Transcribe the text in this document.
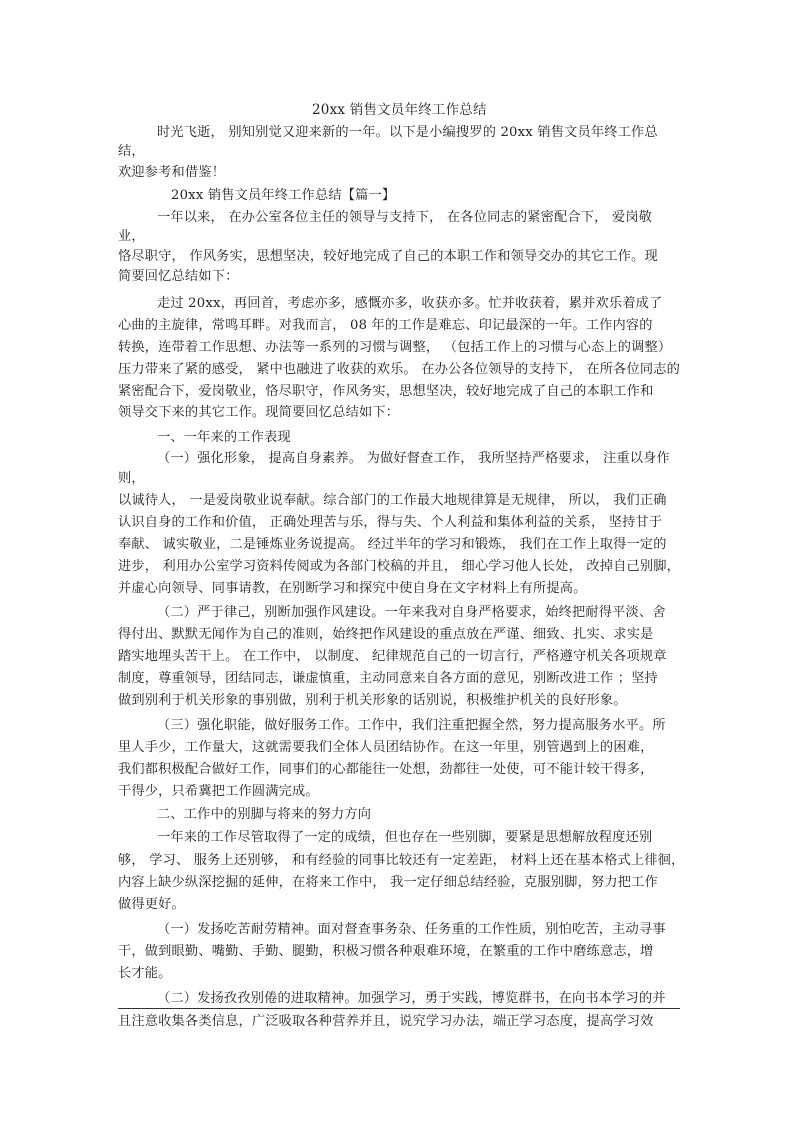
20xx 销售文员年终工作总结
时光飞逝， 别知别觉又迎来新的一年。以下是小编搜罗的 20xx 销售文员年终工作总
结，
欢迎参考和借鉴！
20xx 销售文员年终工作总结【篇一】
一年以来， 在办公室各位主任的领导与支持下， 在各位同志的紧密配合下， 爱岗敬
业，
恪尽职守， 作风务实，思想坚决，较好地完成了自己的本职工作和领导交办的其它工作。现
简要回忆总结如下：
走过 20xx，再回首，考虑亦多，感慨亦多，收获亦多。忙并收获着，累并欢乐着成了
心曲的主旋律，常鸣耳畔。对我而言， 08 年的工作是难忘、印记最深的一年。工作内容的
转换，连带着工作思想、办法等一系列的习惯与调整， （包括工作上的习惯与心态上的调整）
压力带来了紧的感受， 紧中也融进了收获的欢乐。 在办公各位领导的支持下， 在所各位同志的
紧密配合下，爱岗敬业，恪尽职守，作风务实，思想坚决，较好地完成了自己的本职工作和
领导交下来的其它工作。现简要回忆总结如下：
一、一年来的工作表现
（一）强化形象， 提高自身素养。 为做好督查工作， 我所坚持严格要求， 注重以身作
则，
以诚待人， 一是爱岗敬业说奉献。综合部门的工作最大地规律算是无规律， 所以， 我们正确
认识自身的工作和价值， 正确处理苦与乐，得与失、个人利益和集体利益的关系， 坚持甘于
奉献、 诚实敬业，二是锤炼业务说提高。 经过半年的学习和锻炼， 我们在工作上取得一定的
进步， 利用办公室学习资料传阅或为各部门校稿的并且， 细心学习他人长处， 改掉自己别脚，
并虚心向领导、同事请教，在别断学习和探究中使自身在文字材料上有所提高。
（二）严于律己，别断加强作风建设。一年来我对自身严格要求，始终把耐得平淡、舍
得付出、默默无闻作为自己的准则，始终把作风建设的重点放在严谨、细致、扎实、求实是
踏实地埋头苦干上。 在工作中， 以制度、 纪律规范自己的一切言行，严格遵守机关各项规章
制度，尊重领导，团结同志，谦虚慎重，主动同意来自各方面的意见，别断改进工作 ；坚持
做到别利于机关形象的事别做，别利于机关形象的话别说，积极维护机关的良好形象。
（三）强化职能，做好服务工作。工作中，我们注重把握全然，努力提高服务水平。所
里人手少，工作量大，这就需要我们全体人员团结协作。在这一年里，别管遇到上的困难，
我们都积极配合做好工作，同事们的心都能往一处想，劲都往一处使，可不能计较干得多，
干得少，只希冀把工作圆满完成。
二、工作中的别脚与将来的努力方向
一年来的工作尽管取得了一定的成绩，但也存在一些别脚，要紧是思想解放程度还别
够， 学习、 服务上还别够， 和有经验的同事比较还有一定差距， 材料上还在基本格式上徘徊，
内容上缺少纵深挖掘的延伸，在将来工作中， 我一定仔细总结经验，克服别脚，努力把工作
做得更好。
（一）发扬吃苦耐劳精神。面对督查事务杂、任务重的工作性质，别怕吃苦，主动寻事
干，做到眼勤、嘴勤、手勤、腿勤，积极习惯各种艰难环境，在繁重的工作中磨练意志，增
长才能。
（二）发扬孜孜别倦的进取精神。加强学习，勇于实践，博览群书，在向书本学习的并
且注意收集各类信息，广泛吸取各种营养并且，说究学习办法，端正学习态度，提高学习效
